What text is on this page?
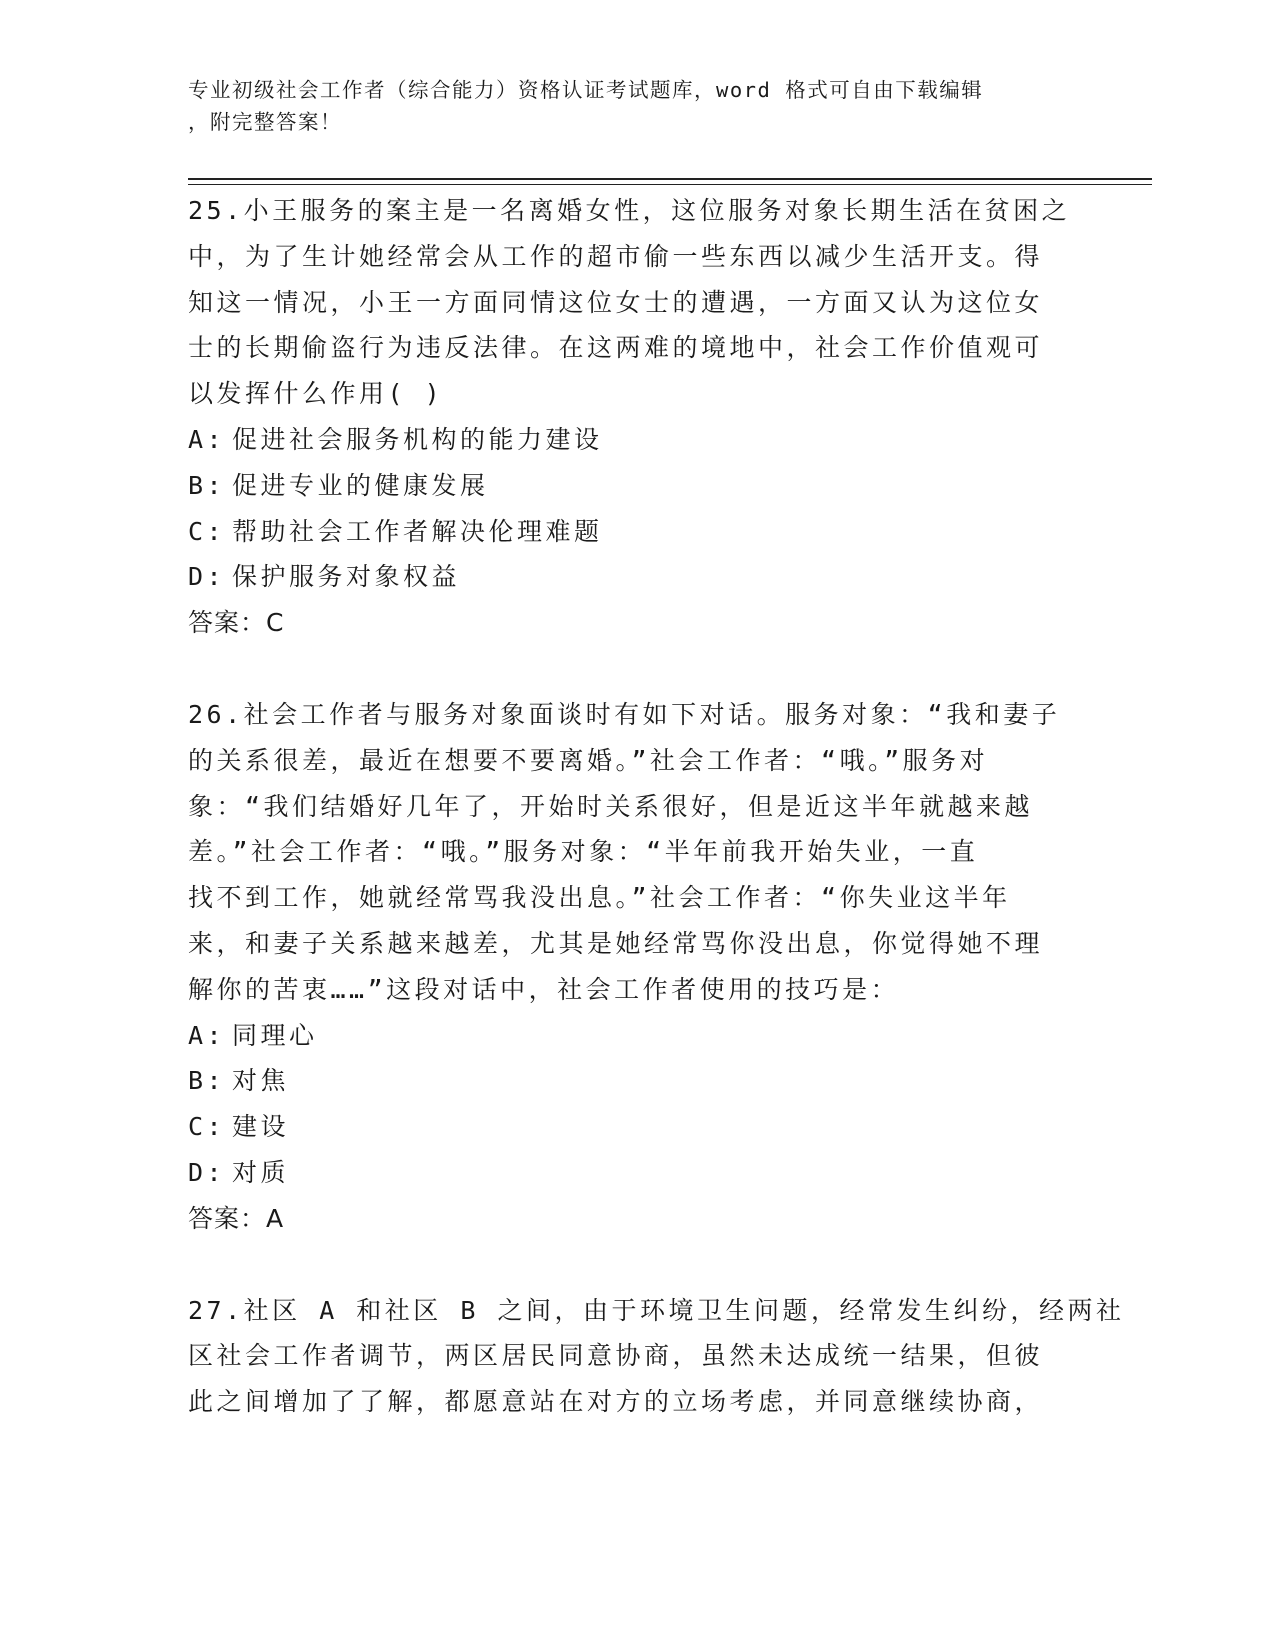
专业初级社会工作者（综合能力）资格认证考试题库，word 格式可自由下载编辑
，附完整答案！
25.小王服务的案主是一名离婚女性，这位服务对象长期生活在贫困之
中，为了生计她经常会从工作的超市偷一些东西以减少生活开支。得
知这一情况，小王一方面同情这位女士的遭遇，一方面又认为这位女
士的长期偷盗行为违反法律。在这两难的境地中，社会工作价值观可
以发挥什么作用( )
A: 促进社会服务机构的能力建设
B: 促进专业的健康发展
C: 帮助社会工作者解决伦理难题
D: 保护服务对象权益
答案：C
26.社会工作者与服务对象面谈时有如下对话。服务对象：“我和妻子
的关系很差，最近在想要不要离婚。”社会工作者：“哦。”服务对
象：“我们结婚好几年了，开始时关系很好，但是近这半年就越来越
差。”社会工作者：“哦。”服务对象：“半年前我开始失业，一直
找不到工作，她就经常骂我没出息。”社会工作者：“你失业这半年
来，和妻子关系越来越差，尤其是她经常骂你没出息，你觉得她不理
解你的苦衷……”这段对话中，社会工作者使用的技巧是：
A: 同理心
B: 对焦
C: 建设
D: 对质
答案：A
27.社区 A 和社区 B 之间，由于环境卫生问题，经常发生纠纷，经两社
区社会工作者调节，两区居民同意协商，虽然未达成统一结果，但彼
此之间增加了了解，都愿意站在对方的立场考虑，并同意继续协商，
